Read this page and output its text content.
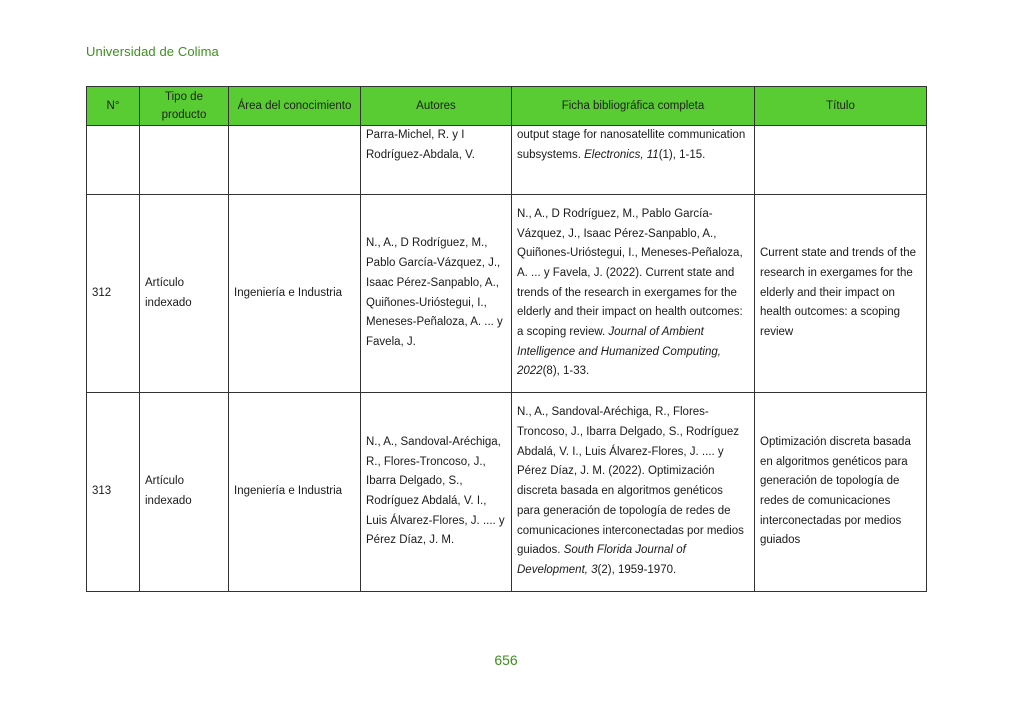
Universidad de Colima
N°	Tipo de producto	Área del conocimiento	Autores	Ficha bibliográfica completa	Título
			Parra-Michel, R. y I Rodríguez-Abdala, V.	output stage for nanosatellite communication subsystems. Electronics, 11(1), 1-15.	
312	Artículo indexado	Ingeniería e Industria	N., A., D Rodríguez, M., Pablo García-Vázquez, J., Isaac Pérez-Sanpablo, A., Quiñones-Urióstegui, I., Meneses-Peñaloza, A. ... y Favela, J.	N., A., D Rodríguez, M., Pablo García-Vázquez, J., Isaac Pérez-Sanpablo, A., Quiñones-Urióstegui, I., Meneses-Peñaloza, A. ... y Favela, J. (2022). Current state and trends of the research in exergames for the elderly and their impact on health outcomes: a scoping review. Journal of Ambient Intelligence and Humanized Computing, 2022(8), 1-33.	Current state and trends of the research in exergames for the elderly and their impact on health outcomes: a scoping review
313	Artículo indexado	Ingeniería e Industria	N., A., Sandoval-Aréchiga, R., Flores-Troncoso, J., Ibarra Delgado, S., Rodríguez Abdalá, V. I., Luis Álvarez-Flores, J. .... y Pérez Díaz, J. M.	N., A., Sandoval-Aréchiga, R., Flores-Troncoso, J., Ibarra Delgado, S., Rodríguez Abdalá, V. I., Luis Álvarez-Flores, J. .... y Pérez Díaz, J. M. (2022). Optimización discreta basada en algoritmos genéticos para generación de topología de redes de comunicaciones interconectadas por medios guiados. South Florida Journal of Development, 3(2), 1959-1970.	Optimización discreta basada en algoritmos genéticos para generación de topología de redes de comunicaciones interconectadas por medios guiados
656
